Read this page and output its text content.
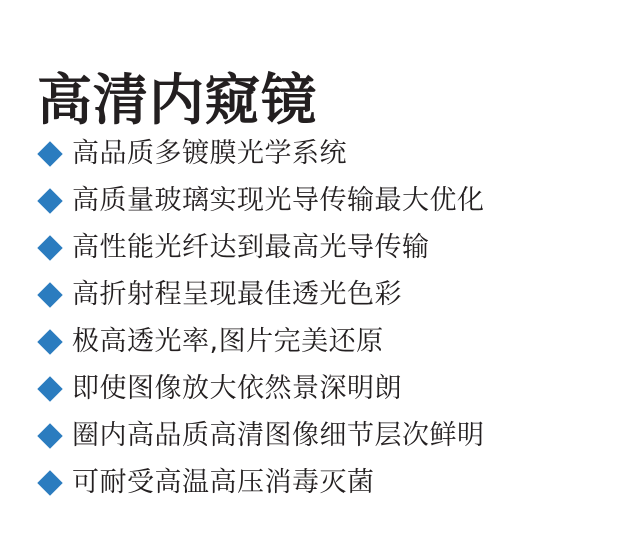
高清内窥镜
高品质多镀膜光学系统
高质量玻璃实现光导传输最大优化
高性能光纤达到最高光导传输
高折射程呈现最佳透光色彩
极高透光率,图片完美还原
即使图像放大依然景深明朗
圈内高品质高清图像细节层次鲜明
可耐受高温高压消毒灭菌
